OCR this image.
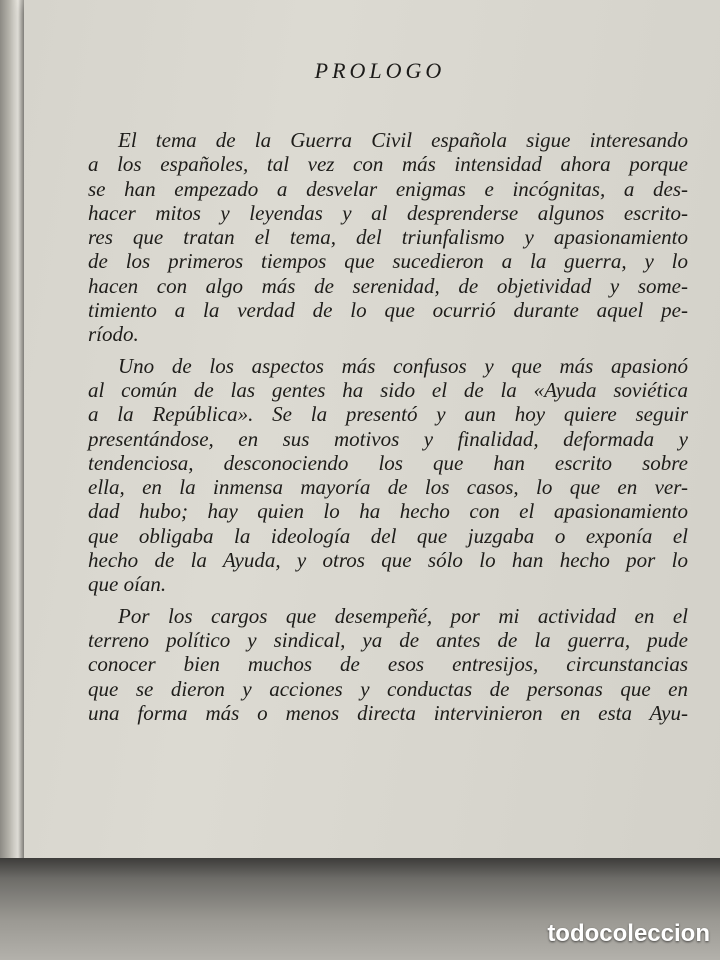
PROLOGO
El tema de la Guerra Civil española sigue interesando
a los españoles, tal vez con más intensidad ahora porque
se han empezado a desvelar enigmas e incógnitas, a des-
hacer mitos y leyendas y al desprenderse algunos escrito-
res que tratan el tema, del triunfalismo y apasionamiento
de los primeros tiempos que sucedieron a la guerra, y lo
hacen con algo más de serenidad, de objetividad y some-
timiento a la verdad de lo que ocurrió durante aquel pe-
ríodo.
Uno de los aspectos más confusos y que más apasionó
al común de las gentes ha sido el de la «Ayuda soviética
a la República». Se la presentó y aun hoy quiere seguir
presentándose, en sus motivos y finalidad, deformada y
tendenciosa, desconociendo los que han escrito sobre
ella, en la inmensa mayoría de los casos, lo que en ver-
dad hubo; hay quien lo ha hecho con el apasionamiento
que obligaba la ideología del que juzgaba o exponía el
hecho de la Ayuda, y otros que sólo lo han hecho por lo
que oían.
Por los cargos que desempeñé, por mi actividad en el
terreno político y sindical, ya de antes de la guerra, pude
conocer bien muchos de esos entresijos, circunstancias
que se dieron y acciones y conductas de personas que en
una forma más o menos directa intervinieron en esta Ayu-
todocoleccion
